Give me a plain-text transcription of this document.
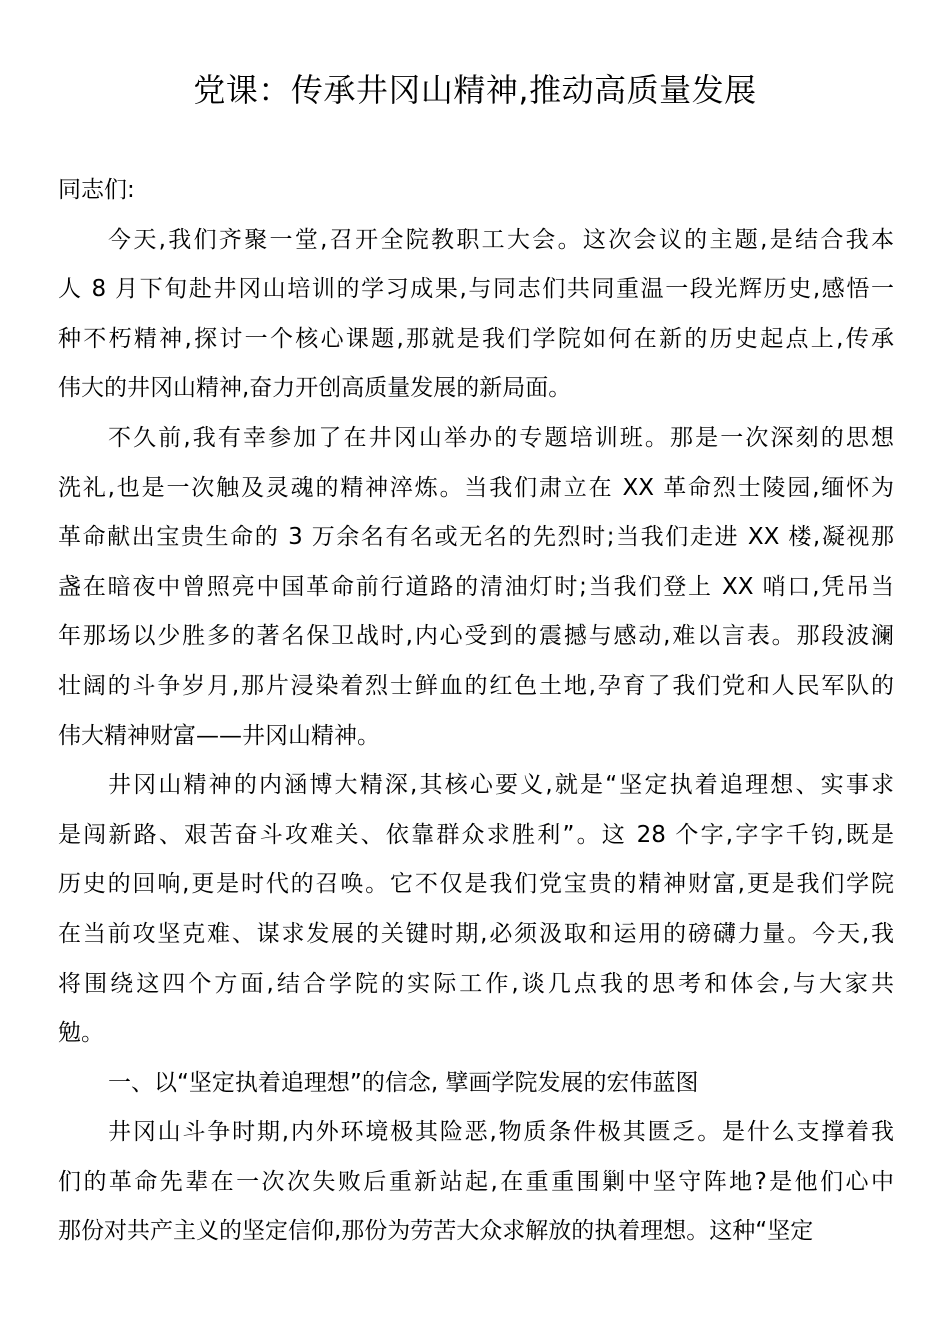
党课：传承井冈山精神,推动高质量发展
同志们:
今天,我们齐聚一堂,召开全院教职工大会。这次会议的主题,是结合我本
人 8 月下旬赴井冈山培训的学习成果,与同志们共同重温一段光辉历史,感悟一
种不朽精神,探讨一个核心课题,那就是我们学院如何在新的历史起点上,传承
伟大的井冈山精神,奋力开创高质量发展的新局面。
不久前,我有幸参加了在井冈山举办的专题培训班。那是一次深刻的思想
洗礼,也是一次触及灵魂的精神淬炼。当我们肃立在 XX 革命烈士陵园,缅怀为
革命献出宝贵生命的 3 万余名有名或无名的先烈时;当我们走进 XX 楼,凝视那
盏在暗夜中曾照亮中国革命前行道路的清油灯时;当我们登上 XX 哨口,凭吊当
年那场以少胜多的著名保卫战时,内心受到的震撼与感动,难以言表。那段波澜
壮阔的斗争岁月,那片浸染着烈士鲜血的红色土地,孕育了我们党和人民军队的
伟大精神财富——井冈山精神。
井冈山精神的内涵博大精深,其核心要义,就是“坚定执着追理想、实事求
是闯新路、艰苦奋斗攻难关、依靠群众求胜利”。这 28 个字,字字千钧,既是
历史的回响,更是时代的召唤。它不仅是我们党宝贵的精神财富,更是我们学院
在当前攻坚克难、谋求发展的关键时期,必须汲取和运用的磅礴力量。今天,我
将围绕这四个方面,结合学院的实际工作,谈几点我的思考和体会,与大家共
勉。
一、以“坚定执着追理想”的信念, 擘画学院发展的宏伟蓝图
井冈山斗争时期,内外环境极其险恶,物质条件极其匮乏。是什么支撑着我
们的革命先辈在一次次失败后重新站起,在重重围剿中坚守阵地?是他们心中
那份对共产主义的坚定信仰,那份为劳苦大众求解放的执着理想。这种“坚定
